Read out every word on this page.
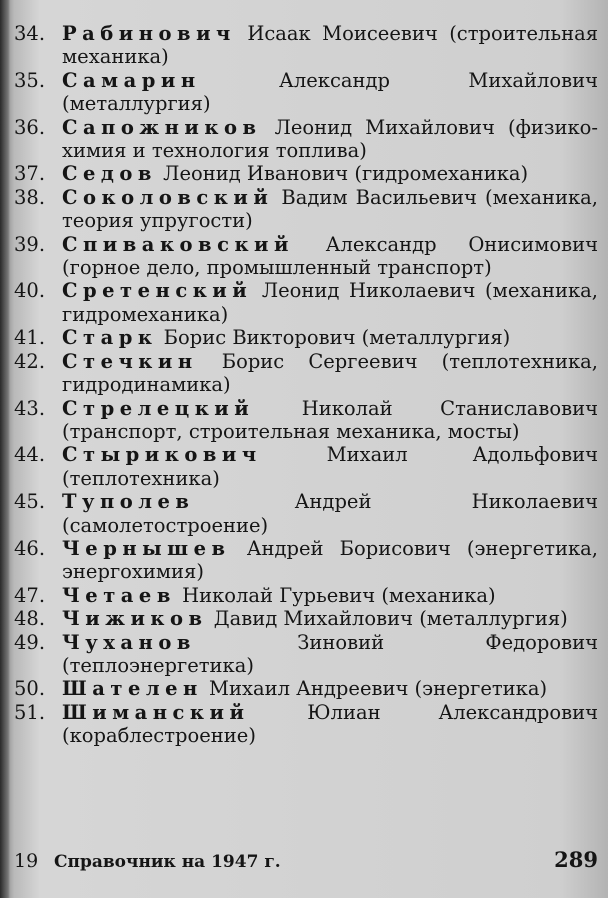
34. Рабинович Исаак Моисеевич (строительная механика)
35. Самарин Александр Михайлович (металлургия)
36. Сапожников Леонид Михайлович (физико-химия и технология топлива)
37. Седов Леонид Иванович (гидромеханика)
38. Соколовский Вадим Васильевич (механика, теория упругости)
39. Спиваковский Александр Онисимович (горное дело, промышленный транспорт)
40. Сретенский Леонид Николаевич (механика, гидромеханика)
41. Старк Борис Викторович (металлургия)
42. Стечкин Борис Сергеевич (теплотехника, гидродинамика)
43. Стрелецкий Николай Станиславович (транспорт, строительная механика, мосты)
44. Стырикович Михаил Адольфович (теплотехника)
45. Туполев Андрей Николаевич (самолетостроение)
46. Чернышев Андрей Борисович (энергетика, энергохимия)
47. Четаев Николай Гурьевич (механика)
48. Чижиков Давид Михайлович (металлургия)
49. Чуханов Зиновий Федорович (теплоэнергетика)
50. Шателен Михаил Андреевич (энергетика)
51. Шиманский Юлиан Александрович (кораблестроение)
19 Справочник на 1947 г.	289
